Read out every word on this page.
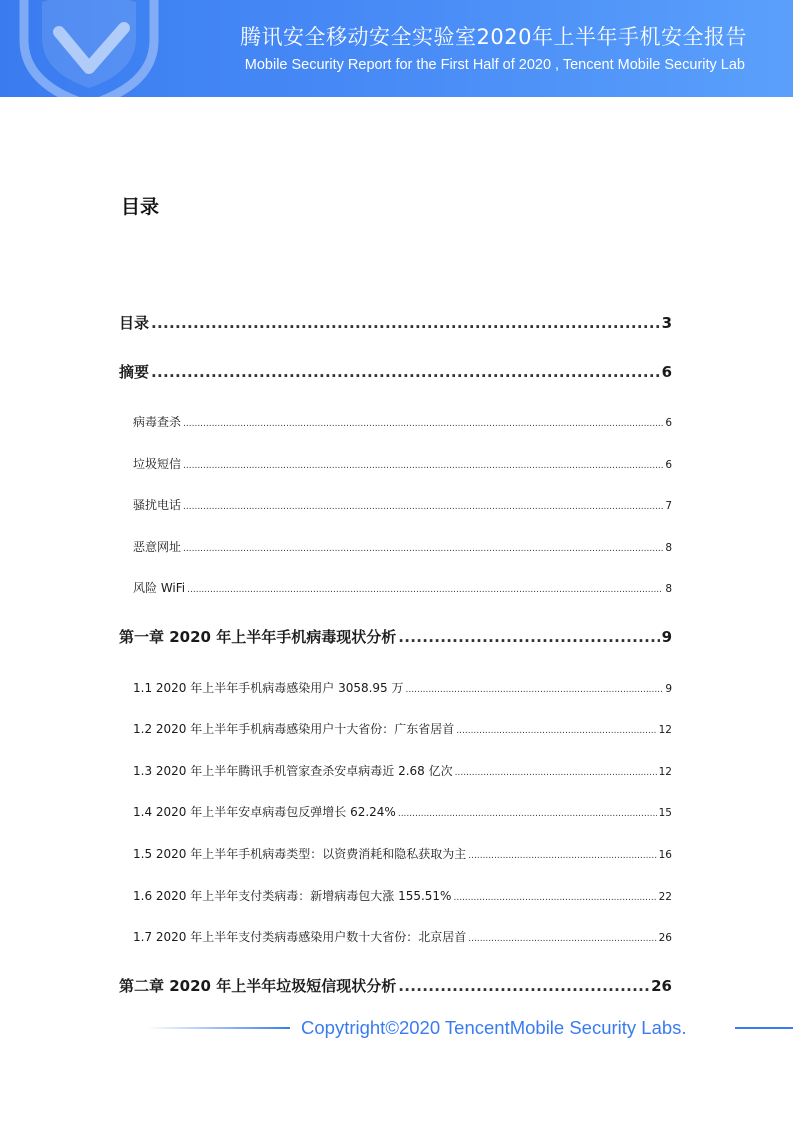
腾讯安全移动安全实验室2020年上半年手机安全报告
Mobile Security Report for the First Half of 2020 , Tencent Mobile Security Lab
目录
目录 .....	3
摘要 .....	6
病毒查杀 .....	6
垃圾短信 .....	6
骚扰电话 .....	7
恶意网址 .....	8
风险 WiFi .....	8
第一章 2020 年上半年手机病毒现状分析 .....	9
1.1 2020 年上半年手机病毒感染用户 3058.95 万 .....	9
1.2 2020 年上半年手机病毒感染用户十大省份：广东省居首 .....	12
1.3 2020 年上半年腾讯手机管家查杀安卓病毒近 2.68 亿次 .....	12
1.4 2020 年上半年安卓病毒包反弹增长 62.24% .....	15
1.5 2020 年上半年手机病毒类型：以资费消耗和隐私获取为主 .....	16
1.6 2020 年上半年支付类病毒：新增病毒包大涨 155.51% .....	22
1.7 2020 年上半年支付类病毒感染用户数十大省份：北京居首 .....	26
第二章 2020 年上半年垃圾短信现状分析 .....	26
Copytright©2020 TencentMobile Security Labs.
